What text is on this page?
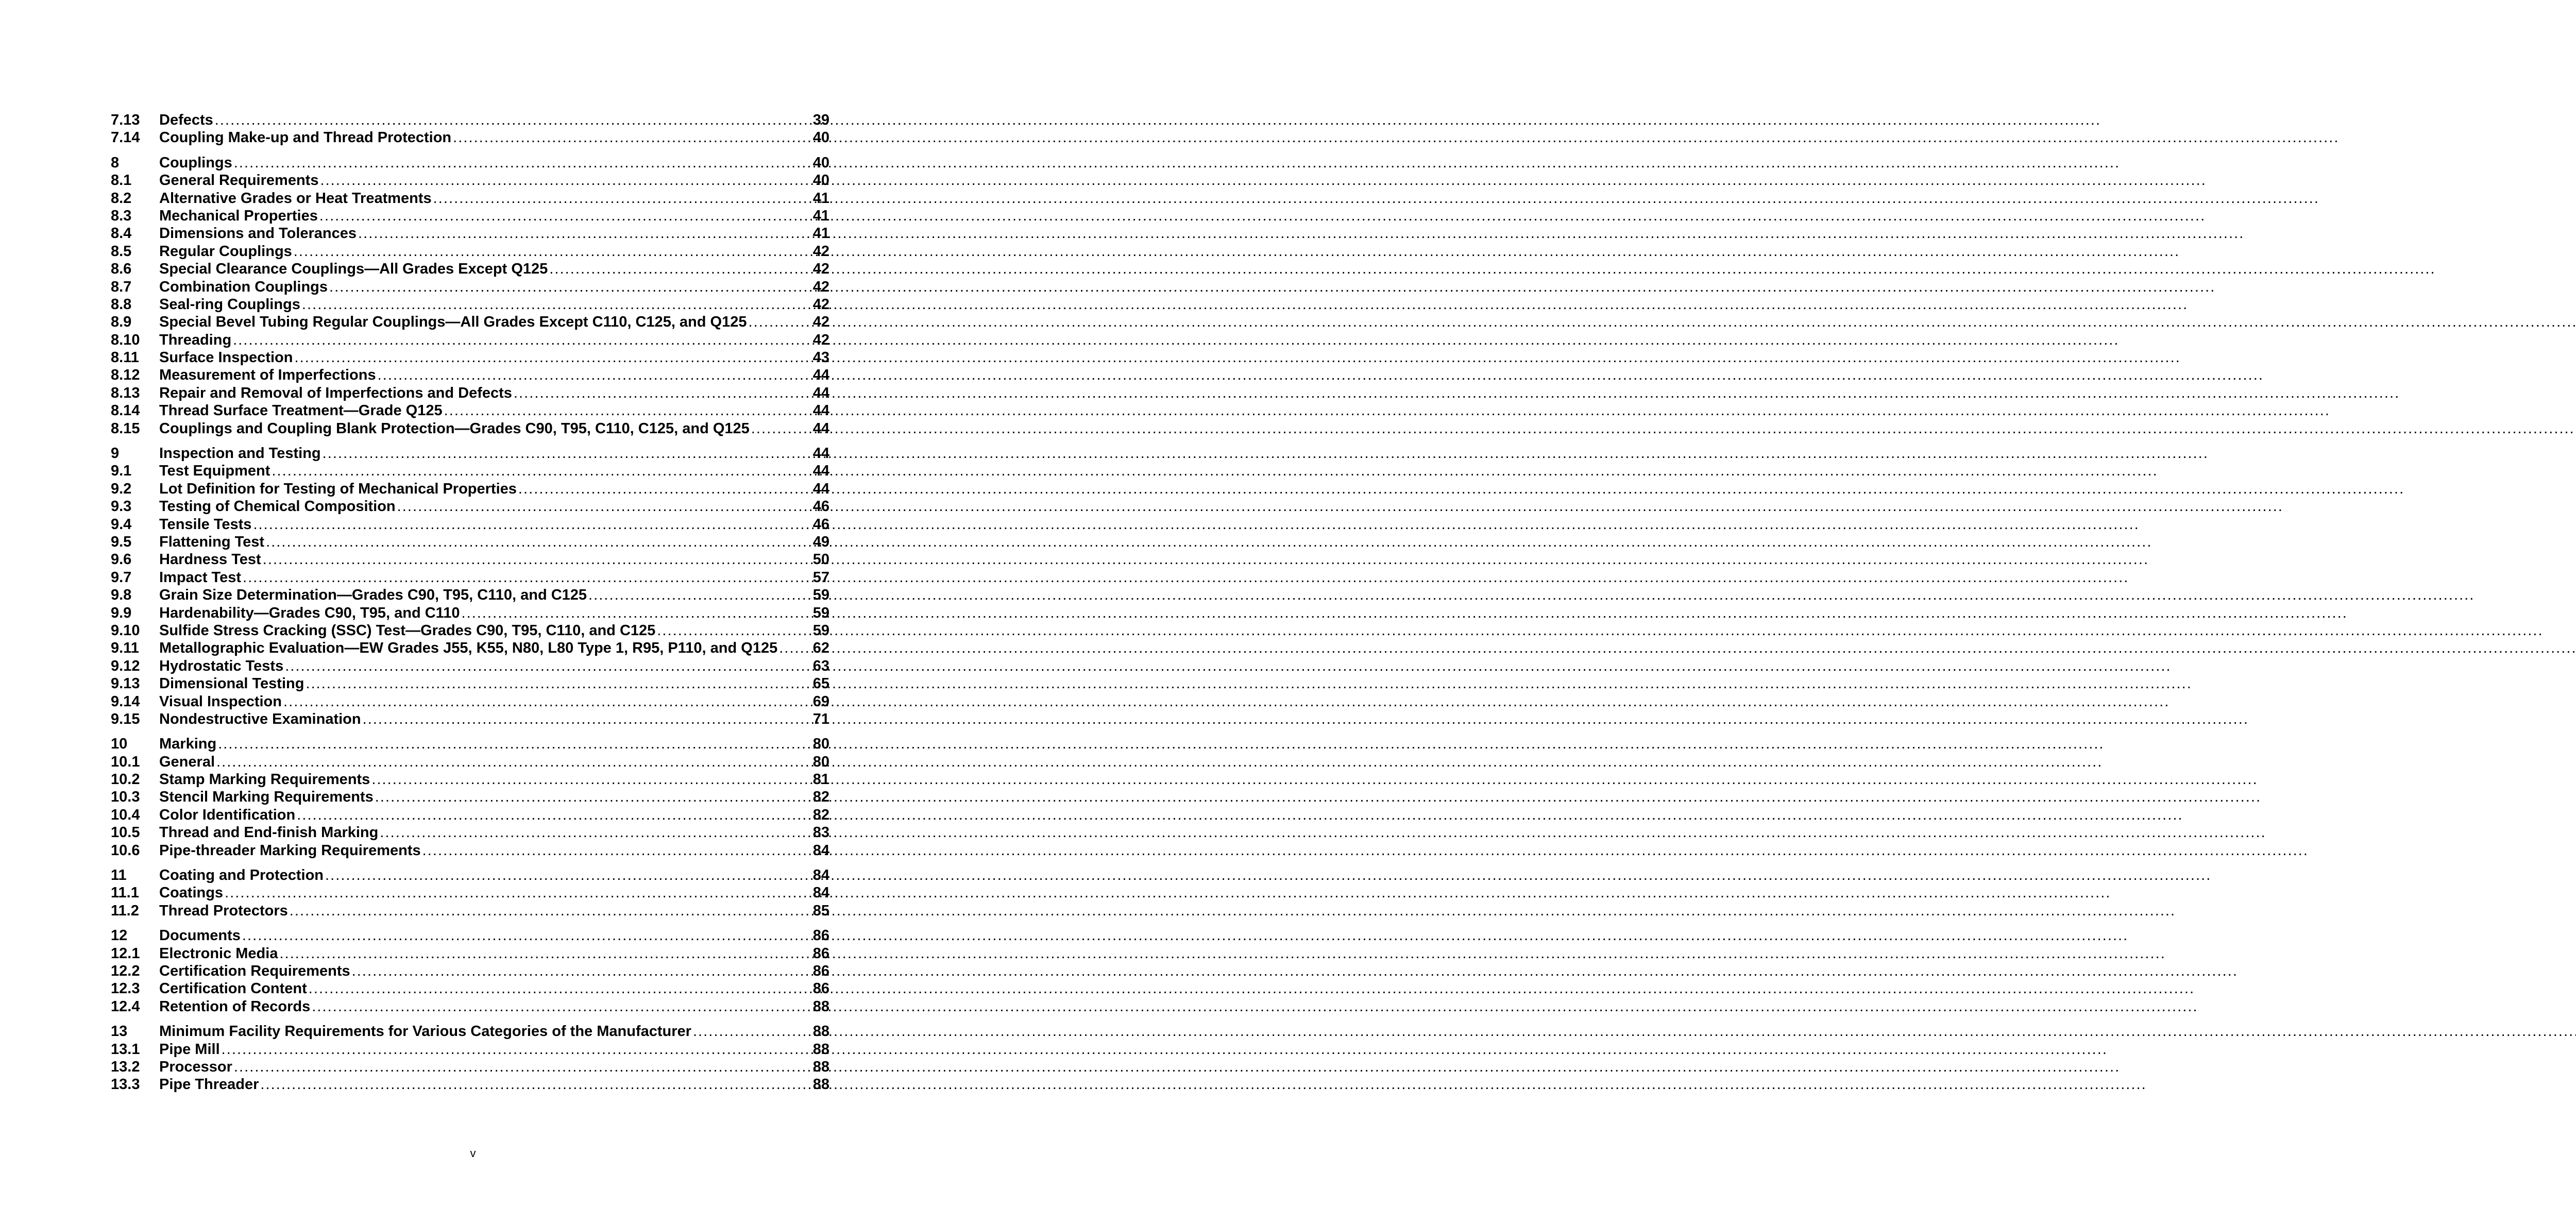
7.13	Defects . . .	39
7.14	Coupling Make-up and Thread Protection . . .	40
8	Couplings . . .	40
8.1	General Requirements . . .	40
8.2	Alternative Grades or Heat Treatments . . .	41
8.3	Mechanical Properties . . .	41
8.4	Dimensions and Tolerances . . .	41
8.5	Regular Couplings . . .	42
8.6	Special Clearance Couplings—All Grades Except Q125 . . .	42
8.7	Combination Couplings . . .	42
8.8	Seal-ring Couplings . . .	42
8.9	Special Bevel Tubing Regular Couplings—All Grades Except C110, C125, and Q125 . . .	42
8.10	Threading . . .	42
8.11	Surface Inspection . . .	43
8.12	Measurement of Imperfections . . .	44
8.13	Repair and Removal of Imperfections and Defects . . .	44
8.14	Thread Surface Treatment—Grade Q125 . . .	44
8.15	Couplings and Coupling Blank Protection—Grades C90, T95, C110, C125, and Q125 . . .	44
9	Inspection and Testing . . .	44
9.1	Test Equipment . . .	44
9.2	Lot Definition for Testing of Mechanical Properties . . .	44
9.3	Testing of Chemical Composition . . .	46
9.4	Tensile Tests . . .	46
9.5	Flattening Test . . .	49
9.6	Hardness Test . . .	50
9.7	Impact Test . . .	57
9.8	Grain Size Determination—Grades C90, T95, C110, and C125 . . .	59
9.9	Hardenability—Grades C90, T95, and C110 . . .	59
9.10	Sulfide Stress Cracking (SSC) Test—Grades C90, T95, C110, and C125 . . .	59
9.11	Metallographic Evaluation—EW Grades J55, K55, N80, L80 Type 1, R95, P110, and Q125 . . . 62
9.12	Hydrostatic Tests . . .	63
9.13	Dimensional Testing . . .	65
9.14	Visual Inspection . . .	69
9.15	Nondestructive Examination . . .	71
10	Marking . . .	80
10.1	General . . .	80
10.2	Stamp Marking Requirements . . .	81
10.3	Stencil Marking Requirements . . .	82
10.4	Color Identification . . .	82
10.5	Thread and End-finish Marking . . .	83
10.6	Pipe-threader Marking Requirements . . .	84
11	Coating and Protection . . .	84
11.1	Coatings . . .	84
11.2	Thread Protectors . . .	85
12	Documents . . .	86
12.1	Electronic Media . . .	86
12.2	Certification Requirements . . .	86
12.3	Certification Content . . .	86
12.4	Retention of Records . . .	88
13	Minimum Facility Requirements for Various Categories of the Manufacturer . . .	88
13.1	Pipe Mill . . .	88
13.2	Processor . . .	88
13.3	Pipe Threader . . .	88
v
